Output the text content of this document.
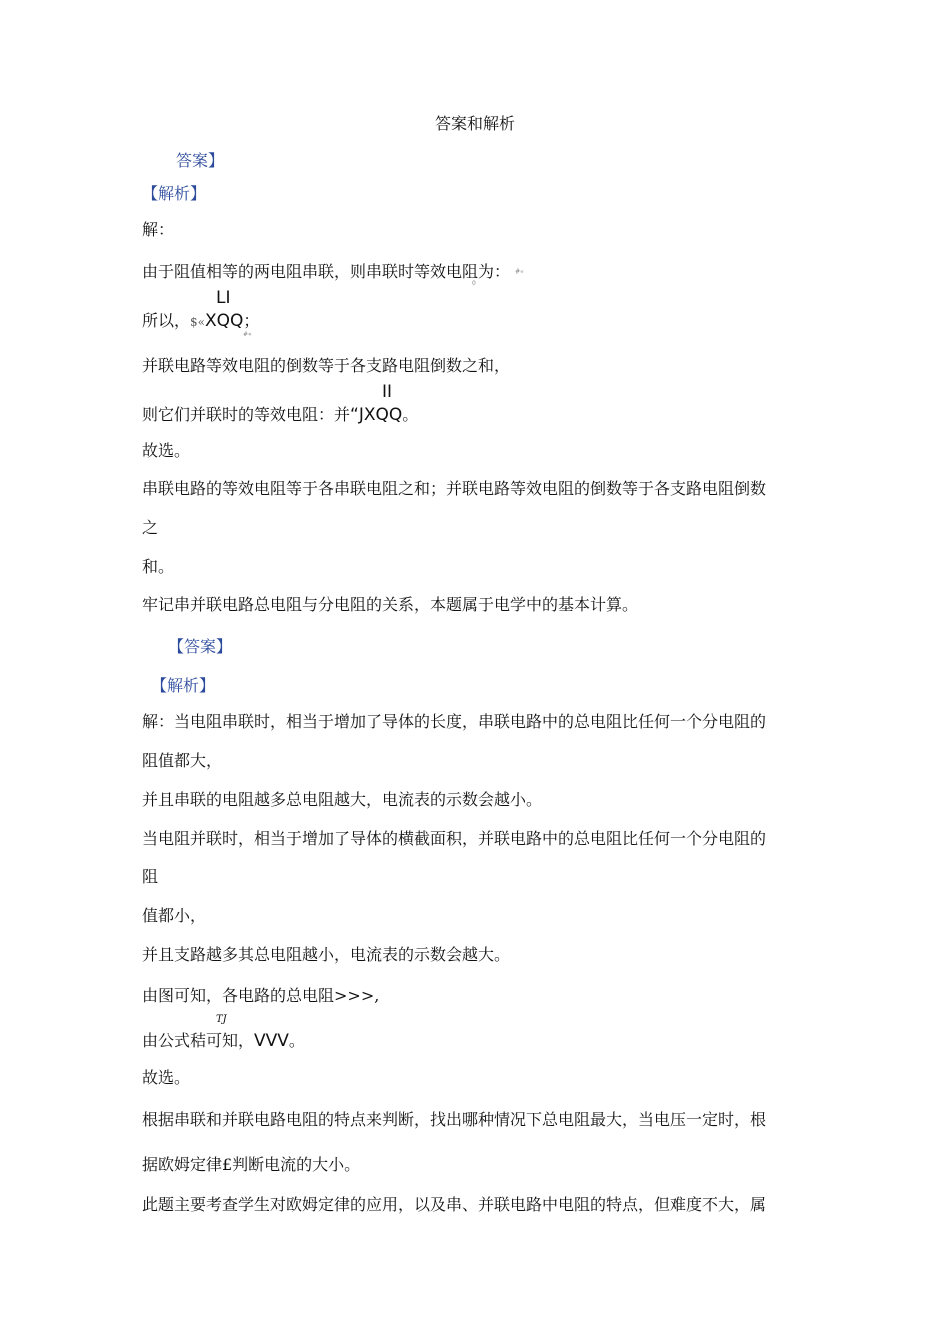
答案和解析
答案】
【解析】
解：
由于阻值相等的两电阻串联，则串联时等效电阻为： #«
0
LI
所以，$«XQQ；
#«
并联电路等效电阻的倒数等于各支路电阻倒数之和，
II
则它们并联时的等效电阻：并“JXQQ。
故选。
串联电路的等效电阻等于各串联电阻之和；并联电路等效电阻的倒数等于各支路电阻倒数
之
和。
牢记串并联电路总电阻与分电阻的关系，本题属于电学中的基本计算。
【答案】
【解析】
解：当电阻串联时，相当于增加了导体的长度，串联电路中的总电阻比任何一个分电阻的
阻值都大，
并且串联的电阻越多总电阻越大，电流表的示数会越小。
当电阻并联时，相当于增加了导体的横截面积，并联电路中的总电阻比任何一个分电阻的
阻
值都小，
并且支路越多其总电阻越小，电流表的示数会越大。
由图可知，各电路的总电阻>>>,
TJ
由公式秸可知，VVV。
故选。
根据串联和并联电路电阻的特点来判断，找出哪种情况下总电阻最大，当电压一定时，根
据欧姆定律£判断电流的大小。
此题主要考查学生对欧姆定律的应用，以及串、并联电路中电阻的特点，但难度不大，属
